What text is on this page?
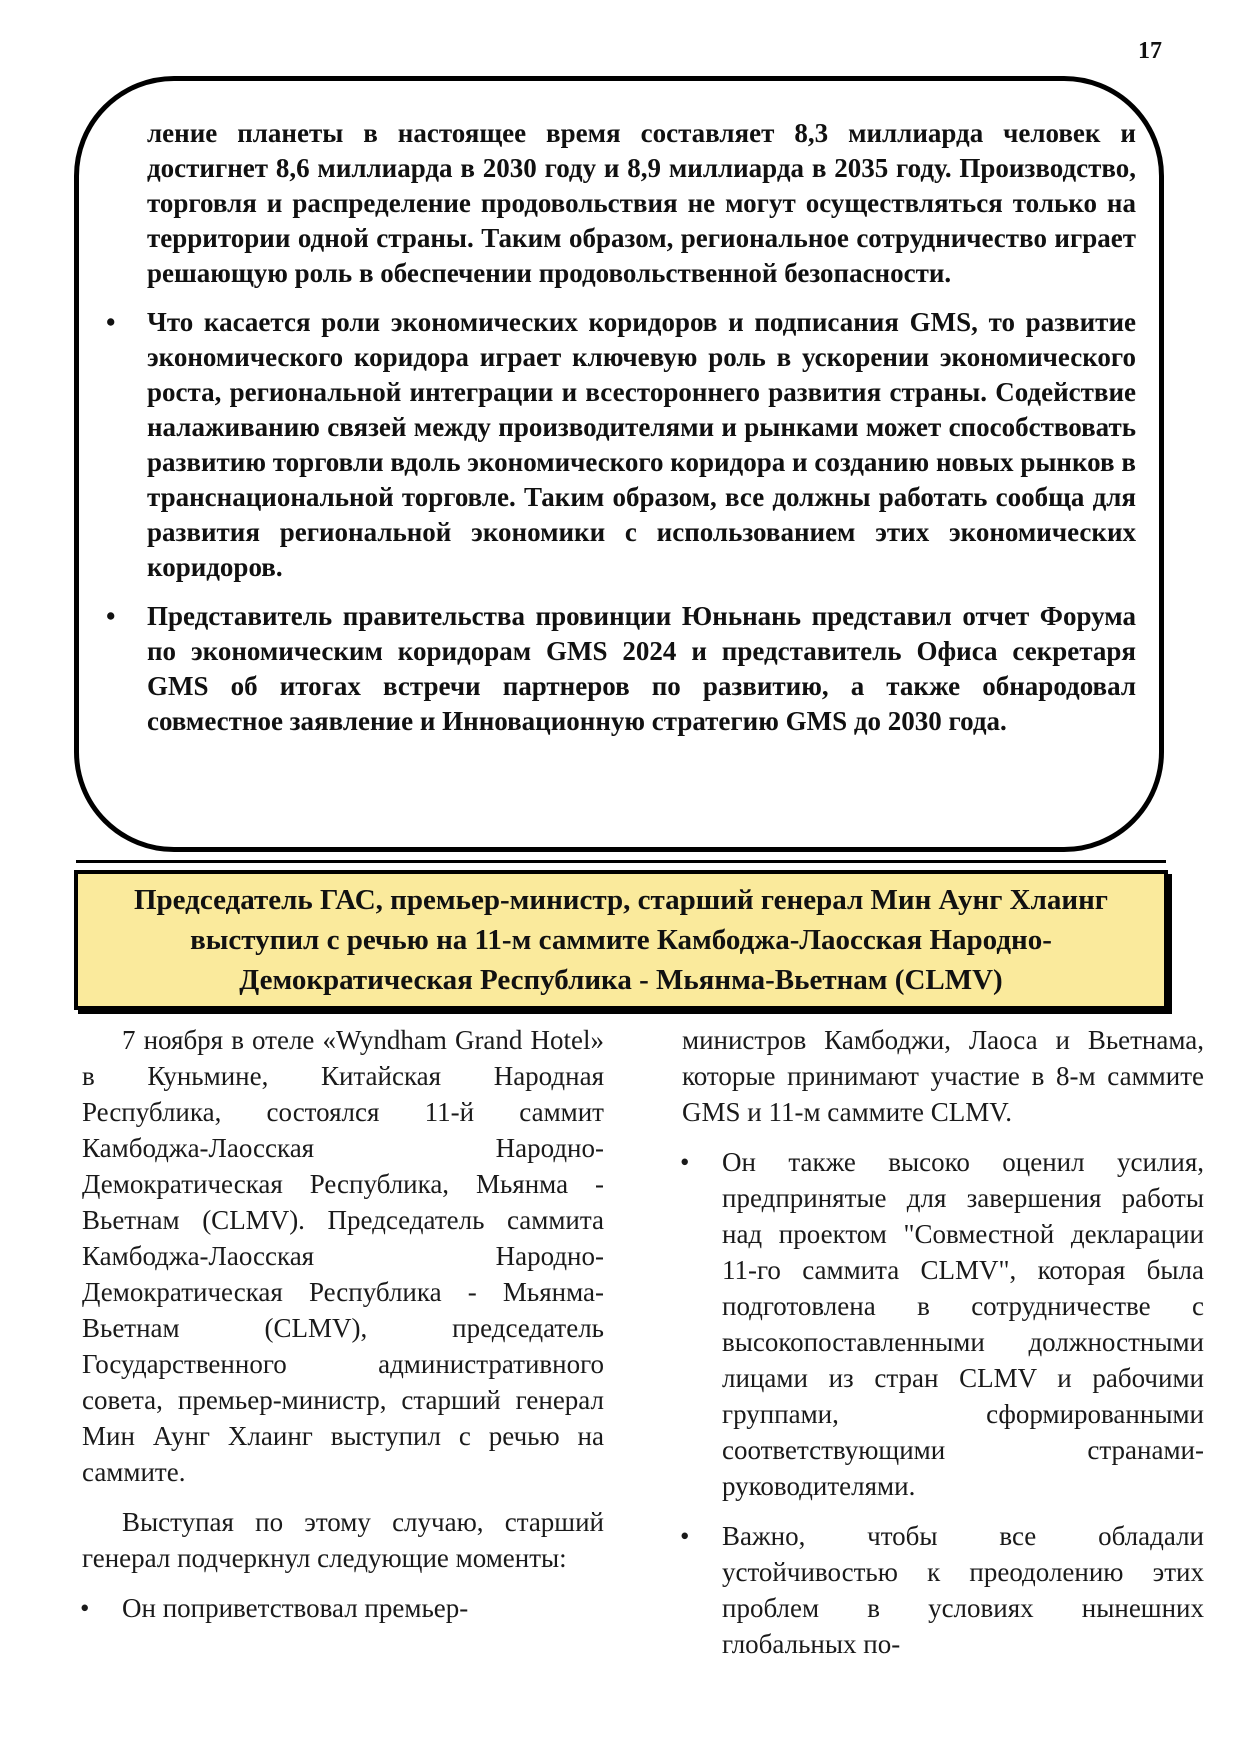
17

ление планеты в настоящее время составляет 8,3 миллиарда человек и достигнет 8,6 миллиарда в 2030 году и 8,9 миллиарда в 2035 году. Производство, торговля и распределение продовольствия не могут осуществляться только на территории одной страны. Таким образом, региональное сотрудничество играет решающую роль в обеспечении продовольственной безопасности.

• Что касается роли экономических коридоров и подписания GMS, то развитие экономического коридора играет ключевую роль в ускорении экономического роста, региональной интеграции и всестороннего развития страны. Содействие налаживанию связей между производителями и рынками может способствовать развитию торговли вдоль экономического коридора и созданию новых рынков в транснациональной торговле. Таким образом, все должны работать сообща для развития региональной экономики с использованием этих экономических коридоров.

• Представитель правительства провинции Юньнань представил отчет Форума по экономическим коридорам GMS 2024 и представитель Офиса секретаря GMS об итогах встречи партнеров по развитию, а также обнародовал совместное заявление и Инновационную стратегию GMS до 2030 года.

Председатель ГАС, премьер-министр, старший генерал Мин Аунг Хлаинг выступил с речью на 11-м саммите Камбоджа-Лаосская Народно-Демократическая Республика - Мьянма-Вьетнам (CLMV)

7 ноября в отеле «Wyndham Grand Hotel» в Куньмине, Китайская Народная Республика, состоялся 11-й саммит Камбоджа-Лаосская Народно-Демократическая Республика, Мьянма - Вьетнам (CLMV). Председатель саммита Камбоджа-Лаосская Народно-Демократическая Республика - Мьянма-Вьетнам (CLMV), председатель Государственного административного совета, премьер-министр, старший генерал Мин Аунг Хлаинг выступил с речью на саммите.

Выступая по этому случаю, старший генерал подчеркнул следующие моменты:

• Он поприветствовал премьер-

министров Камбоджи, Лаоса и Вьетнама, которые принимают участие в 8-м саммите GMS и 11-м саммите CLMV.

• Он также высоко оценил усилия, предпринятые для завершения работы над проектом "Совместной декларации 11-го саммита CLMV", которая была подготовлена в сотрудничестве с высокопоставленными должностными лицами из стран CLMV и рабочими группами, сформированными соответствующими странами-руководителями.
• Важно, чтобы все обладали устойчивостью к преодолению этих проблем в условиях нынешних глобальных по-
